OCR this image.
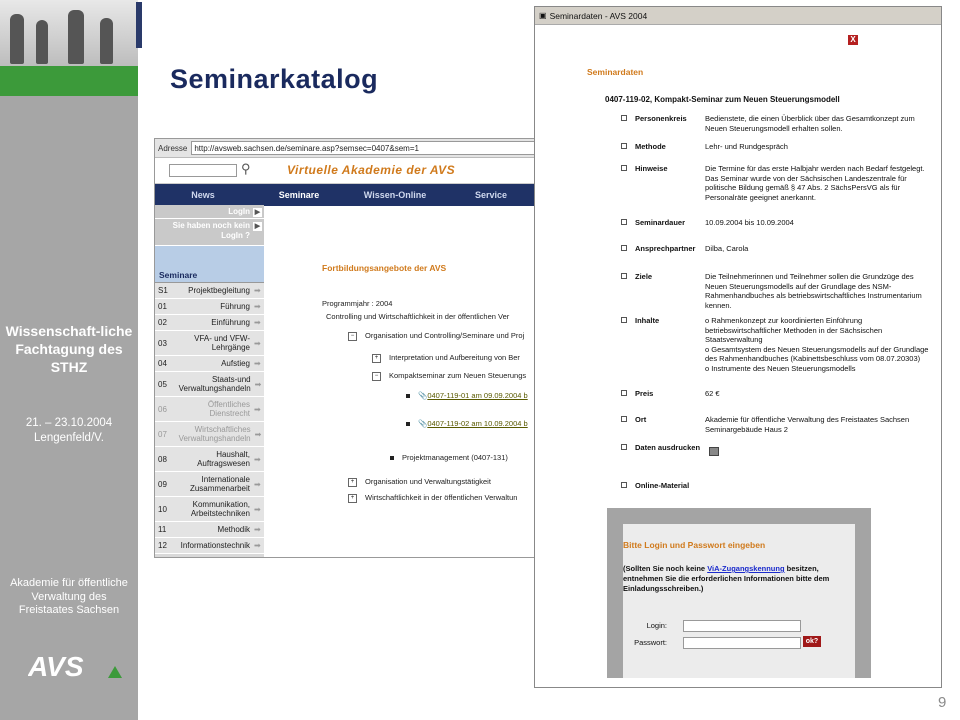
Wissenschaft-liche Fachtagung des STHZ
21. – 23.10.2004 Lengenfeld/V.
Akademie für öffentliche Verwaltung des Freistaates Sachsen
AVS
Seminarkatalog
9
Adresse http://avsweb.sachsen.de/seminare.asp?semsec=0407&sem=1
⚲	Virtuelle Akademie der AVS
News	Seminare	Wissen-Online	Service
LogIn ▶
Sie haben noch kein LogIn ?
▶
Seminare
S1	Projektbegleitung ➡
01	Führung ➡
02	Einführung ➡
03	VFA- und VFW-Lehrgänge ➡
04	Aufstieg ➡
05	Staats-und Verwaltungshandeln ➡
06	Öffentliches Dienstrecht ➡
07	Wirtschaftliches Verwaltungshandeln ➡
08	Haushalt, Auftragswesen ➡
09	Internationale Zusammenarbeit ➡
10	Kommunikation, Arbeitstechniken ➡
11	Methodik ➡
12	Informationstechnik ➡
Fortbildungsangebote der AVS
Programmjahr : 2004
Controlling und Wirtschaftlichkeit in der öffentlichen Ver
− Organisation und Controlling/Seminare und Proj
+ Interpretation und Aufbereitung von Ber
− Kompaktseminar zum Neuen Steuerungs
📎0407-119-01 am 09.09.2004 b
📎0407-119-02 am 10.09.2004 b
Projektmanagement (0407-131)
+ Organisation und Verwaltungstätigkeit
+ Wirtschaftlichkeit in der öffentlichen Verwaltun
▣ Seminardaten - AVS 2004
X
Seminardaten
0407-119-02, Kompakt-Seminar zum Neuen Steuerungsmodell
Personenkreis	Bedienstete, die einen Überblick über das Gesamtkonzept zum Neuen Steuerungsmodell erhalten sollen.
Methode	Lehr- und Rundgespräch
Hinweise	Die Termine für das erste Halbjahr werden nach Bedarf festgelegt.
Das Seminar wurde von der Sächsischen Landeszentrale für politische Bildung gemäß § 47 Abs. 2 SächsPersVG als für Personalräte geeignet anerkannt.
Seminardauer	10.09.2004 bis 10.09.2004
Ansprechpartner	Dilba, Carola
Ziele	Die Teilnehmerinnen und Teilnehmer sollen die Grundzüge des Neuen Steuerungsmodells auf der Grundlage des NSM-Rahmenhandbuches als betriebswirtschaftliches Instrumentarium kennen.
Inhalte	o Rahmenkonzept zur koordinierten Einführung betriebswirtschaftlicher Methoden in der Sächsischen Staatsverwaltung
o Gesamtsystem des Neuen Steuerungsmodells auf der Grundlage des Rahmenhandbuches (Kabinettsbeschluss vom 08.07.20303)
o Instrumente des Neuen Steuerungsmodells
Preis	62 €
Ort	Akademie für öffentliche Verwaltung des Freistaates Sachsen Seminargebäude Haus 2
Daten ausdrucken
Online-Material
Bitte Login und Passwort eingeben
(Sollten Sie noch keine ViA-Zugangskennung besitzen, entnehmen Sie die erforderlichen Informationen bitte dem Einladungsschreiben.)
Login:
Passwort:	ok?
